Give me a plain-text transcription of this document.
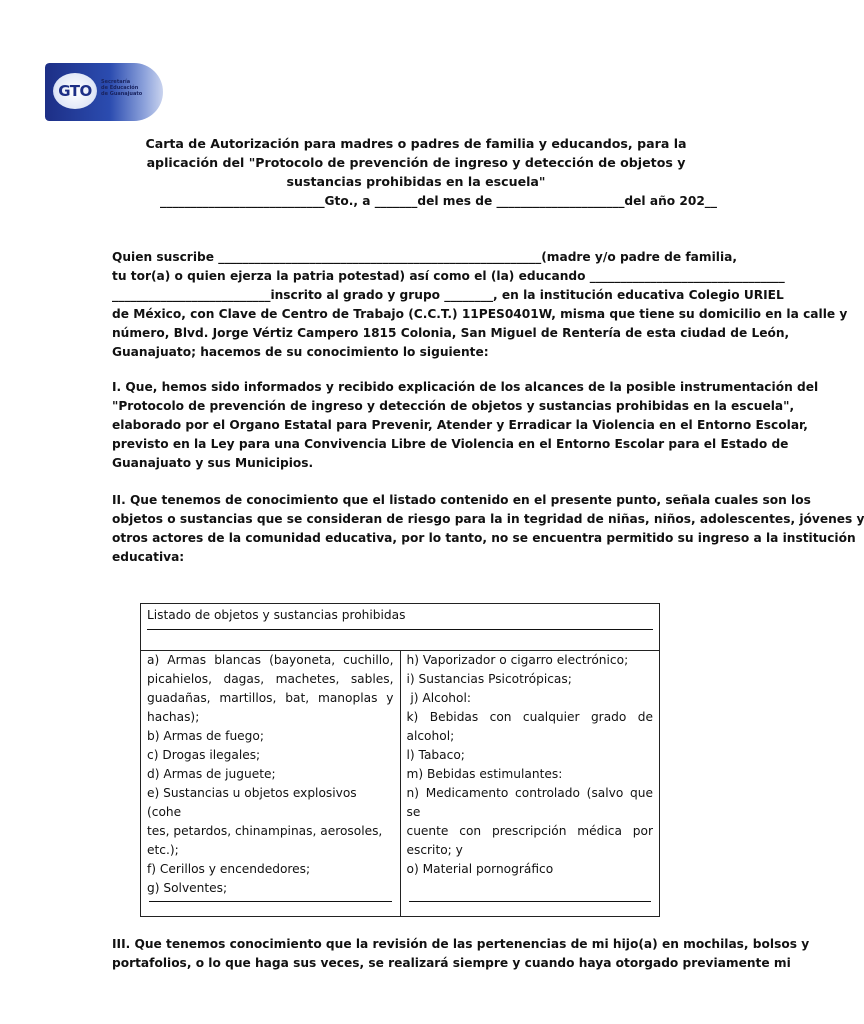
GTO	Secretaría
de Educación
de Guanajuato
Carta de Autorización para madres o padres de familia y educandos, para la aplicación del "Protocolo de prevención de ingreso y detección de objetos y sustancias prohibidas en la escuela"
___________________________Gto., a _______del mes de _____________________del año 202__
Quien suscribe _____________________________________________________(madre y/o padre de familia,
tu tor(a) o quien ejerza la patria potestad) así como el (la) educando ________________________________
__________________________inscrito al grado y grupo ________, en la institución educativa Colegio URIEL
de México, con Clave de Centro de Trabajo (C.C.T.) 11PES0401W, misma que tiene su domicilio en la calle y
número, Blvd. Jorge Vértiz Campero 1815 Colonia, San Miguel de Rentería de esta ciudad de León,
Guanajuato; hacemos de su conocimiento lo siguiente:
I. Que, hemos sido informados y recibido explicación de los alcances de la posible instrumentación del
"Protocolo de prevención de ingreso y detección de objetos y sustancias prohibidas en la escuela",
elaborado por el Organo Estatal para Prevenir, Atender y Erradicar la Violencia en el Entorno Escolar,
previsto en la Ley para una Convivencia Libre de Violencia en el Entorno Escolar para el Estado de
Guanajuato y sus Municipios.
II. Que tenemos de conocimiento que el listado contenido en el presente punto, señala cuales son los
objetos o sustancias que se consideran de riesgo para la in tegridad de niñas, niños, adolescentes, jóvenes y
otros actores de la comunidad educativa, por lo tanto, no se encuentra permitido su ingreso a la institución
educativa:
Listado de objetos y sustancias prohibidas

a) Armas blancas (bayoneta, cuchillo,
picahielos, dagas, machetes, sables,
guadañas, martillos, bat, manoplas y
hachas);
b) Armas de fuego;
c) Drogas ilegales;
d) Armas de juguete;
e) Sustancias u objetos explosivos (cohe
tes, petardos, chinampinas, aerosoles,
etc.);
f) Cerillos y encendedores;
g) Solventes;

h) Vaporizador o cigarro electrónico;
i) Sustancias Psicotrópicas;
j) Alcohol:
k) Bebidas con cualquier grado de
alcohol;
l) Tabaco;
m) Bebidas estimulantes:
n) Medicamento controlado (salvo que
se
cuente con prescripción médica por
escrito; y
o) Material pornográfico
III. Que tenemos conocimiento que la revisión de las pertenencias de mi hijo(a) en mochilas, bolsos y
portafolios, o lo que haga sus veces, se realizará siempre y cuando haya otorgado previamente mi
